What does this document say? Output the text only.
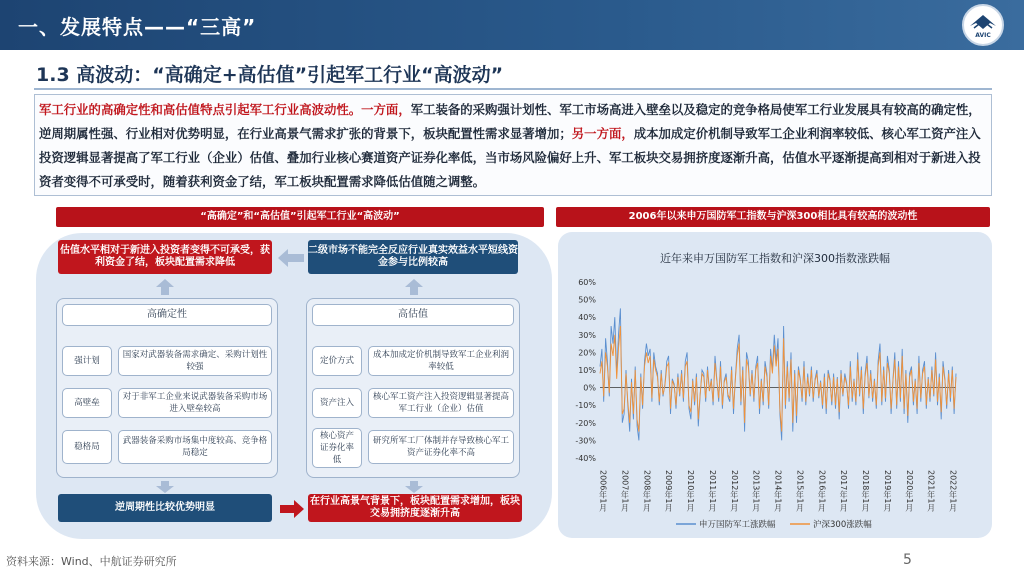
一、发展特点——“三高”	AVIC
1.3 高波动：“高确定+高估值”引起军工行业“高波动”
军工行业的高确定性和高估值特点引起军工行业高波动性。一方面，军工装备的采购强计划性、军工市场高进入壁垒以及稳定的竞争格局使军工行业发展具有较高的确定性，逆周期属性强、行业相对优势明显，在行业高景气需求扩张的背景下，板块配置性需求显著增加；另一方面，成本加成定价机制导致军工企业利润率较低、核心军工资产注入投资逻辑显著提高了军工行业（企业）估值、叠加行业核心赛道资产证券化率低，当市场风险偏好上升、军工板块交易拥挤度逐渐升高，估值水平逐渐提高到相对于新进入投资者变得不可承受时，随着获利资金了结，军工板块配置需求降低估值随之调整。
“高确定”和“高估值”引起军工行业“高波动”
估值水平相对于新进入投资者变得不可承受，获利资金了结，板块配置需求降低
二级市场不能完全反应行业真实效益水平短线资金参与比例较高
高确定性	高估值
强计划
国家对武器装备需求确定、采购计划性较强
高壁垒
对于非军工企业来说武器装备采购市场进入壁垒较高
稳格局
武器装备采购市场集中度较高、竞争格局稳定
定价方式
成本加成定价机制导致军工企业利润率较低
资产注入
核心军工资产注入投资逻辑显著提高军工行业（企业）估值
核心资产证券化率低
研究所军工厂体制并存导致核心军工资产证券化率不高
逆周期性比较优势明显
在行业高景气背景下，板块配置需求增加，板块交易拥挤度逐渐升高
2006年以来申万国防军工指数与沪深300相比具有较高的波动性
近年来申万国防军工指数和沪深300指数涨跌幅
60%
50%
40%
30%
20%
10%
0%
-10%
-20%
-30%
-40%
2006年1月 2007年1月 2008年1月 2009年1月 2010年1月 2011年1月 2012年1月 2013年1月 2014年1月 2015年1月 2016年1月 2017年1月 2018年1月 2019年1月 2020年1月 2021年1月 2022年1月
申万国防军工涨跌幅	沪深300涨跌幅
资料来源：Wind、中航证券研究所	5
